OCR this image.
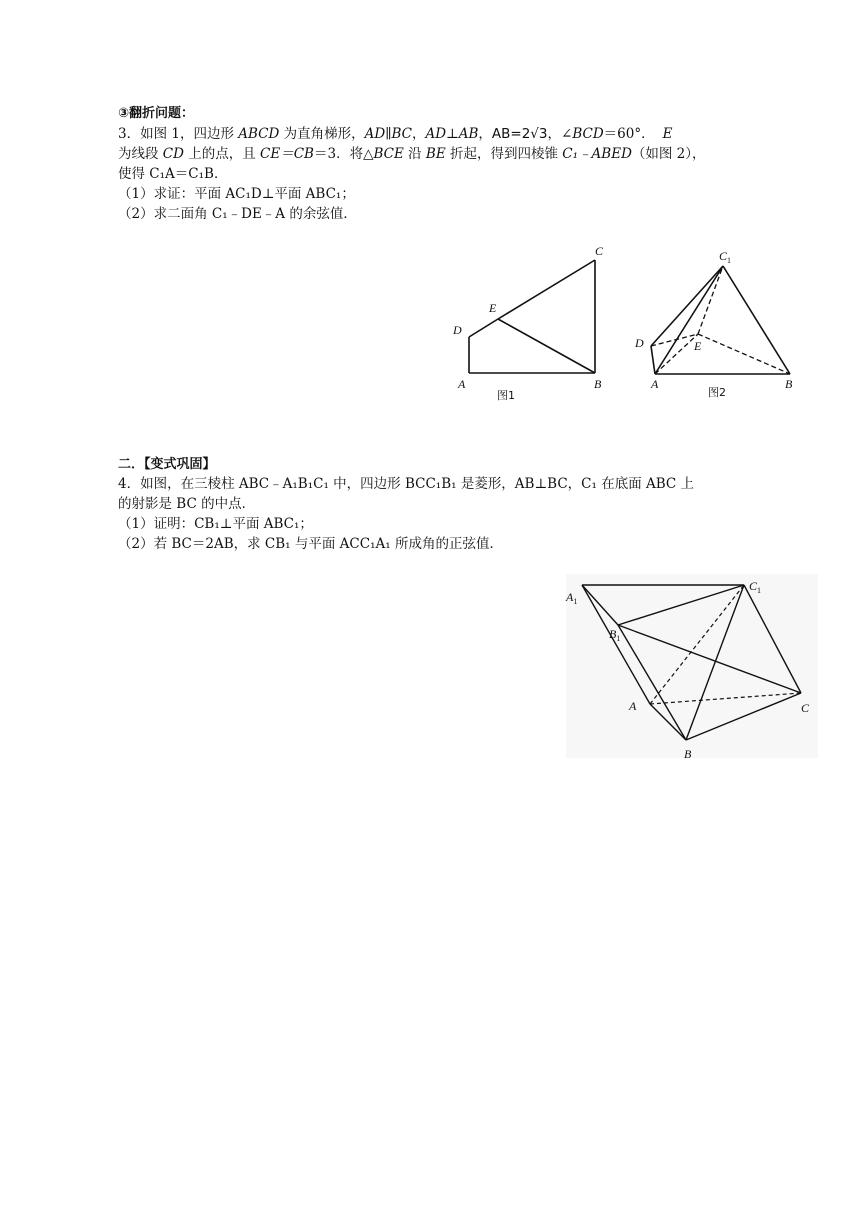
③翻折问题：
3．如图 1，四边形 ABCD 为直角梯形，AD∥BC，AD⊥AB，AB=2√3，∠BCD＝60°． E
为线段 CD 上的点，且 CE＝CB＝3．将△BCE 沿 BE 折起，得到四棱锥 C₁﹣ABED（如图 2），
使得 C₁A＝C₁B．
（1）求证：平面 AC₁D⊥平面 ABC₁；
（2）求二面角 C₁﹣DE﹣A 的余弦值．
C
E
D
A	B
图1
$C_1$
E
D
A	B
图2
二．【变式巩固】
4．如图，在三棱柱 ABC﹣A₁B₁C₁ 中，四边形 BCC₁B₁ 是菱形，AB⊥BC，C₁ 在底面 ABC 上
的射影是 BC 的中点．
（1）证明：CB₁⊥平面 ABC₁；
（2）若 BC＝2AB，求 CB₁ 与平面 ACC₁A₁ 所成角的正弦值．
$A_1$
$C_1$
$B_1$
A	C
B
